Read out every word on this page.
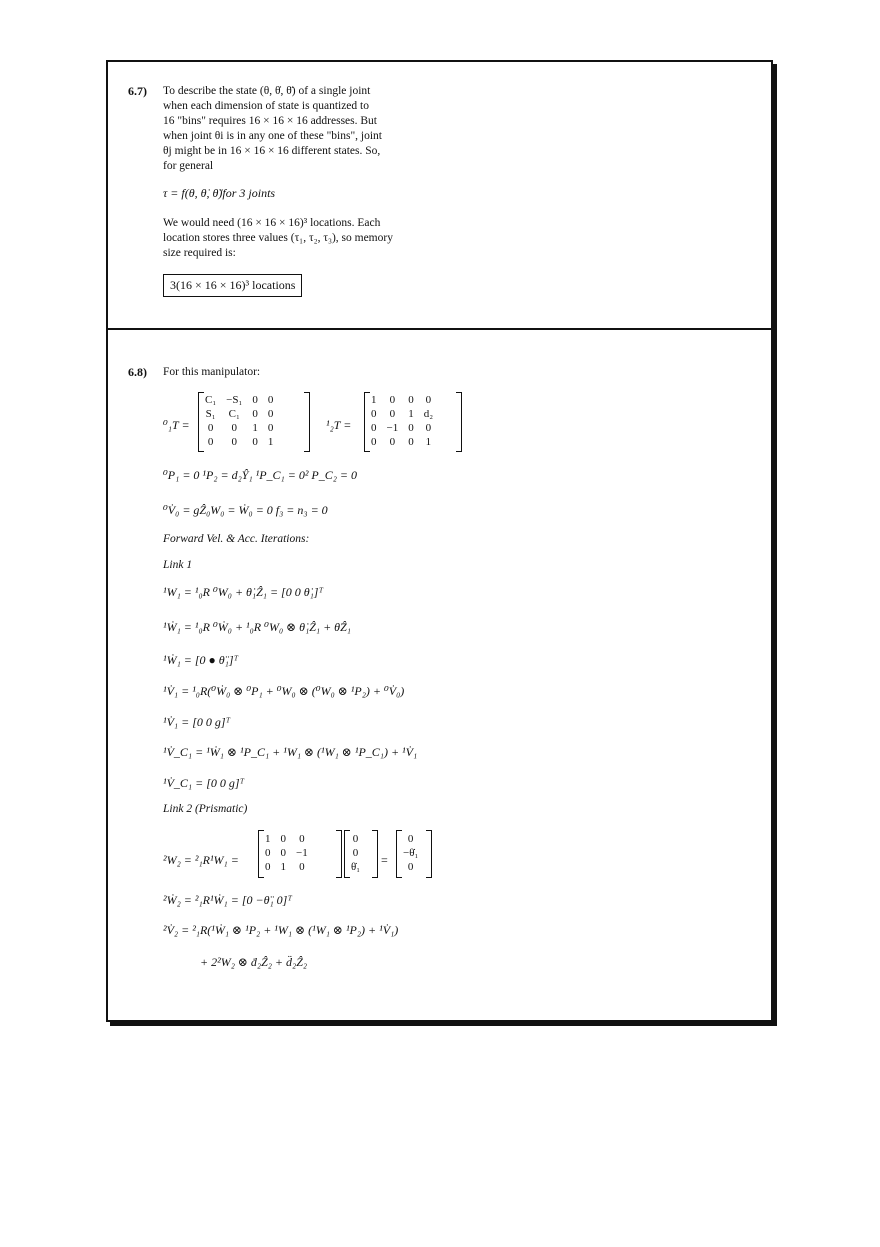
6.7) To describe the state (θ, θ̇, θ̈) of a single joint
when each dimension of state is quantized to
16 "bins" requires 16 × 16 × 16 addresses. But
when joint θi is in any one of these "bins", joint
θj might be in 16 × 16 × 16 different states. So,
for general
τ = f(θ, θ̇, θ̈)for 3 joints
We would need (16 × 16 × 16)³ locations. Each
location stores three values (τ₁, τ₂, τ₃), so memory
size required is:
3(16 × 16 × 16)³ locations
6.8) For this manipulator:
⁰₁T =
C₁	−S₁	0	0
S₁	C₁	0	0
0	0	1	0
0	0	0	1
¹₂T =
1	0	0	0
0	0	1	d₂
0	−1	0	0
0	0	0	1
⁰P₁ = 0 ¹P₂ = d₂Ŷ₁ ¹P_C₁ = 0² P_C₂ = 0
⁰V̇₀ = gẐ₀W₀ = Ẇ₀ = 0 f₃ = n₃ = 0
Forward Vel. & Acc. Iterations:
Link 1
¹W₁ = ¹₀R ⁰W₀ + θ̇₁Ẑ₁ = [0 0 θ̇₁]ᵀ
¹Ẇ₁ = ¹₀R ⁰Ẇ₀ + ¹₀R ⁰W₀ ⊗ θ̇₁Ẑ₁ + θ̈Ẑ₁
¹Ẇ₁ = [0 ● θ̈₁]ᵀ
¹V̇₁ = ¹₀R(⁰Ẇ₀ ⊗ ⁰P₁ + ⁰W₀ ⊗ (⁰W₀ ⊗ ¹P₂) + ⁰V̇₀)
¹V̇₁ = [0 0 g]ᵀ
¹V̇_C₁ = ¹Ẇ₁ ⊗ ¹P_C₁ + ¹W₁ ⊗ (¹W₁ ⊗ ¹P_C₁) + ¹V̇₁
¹V̇_C₁ = [0 0 g]ᵀ
Link 2 (Prismatic)
²W₂ = ²₁R¹W₁ =
1	0	0
0	0	−1
0	1	0
0
0
θ̇₁ =
0
−θ̇₁
0
²Ẇ₂ = ²₁R¹Ẇ₁ = [0 −θ̈₁ 0]ᵀ
²V̇₂ = ²₁R(¹Ẇ₁ ⊗ ¹P₂ + ¹W₁ ⊗ (¹W₁ ⊗ ¹P₂) + ¹V̇₁)
+ 2²W₂ ⊗ ḋ₂Ẑ₂ + d̈₂Ẑ₂
